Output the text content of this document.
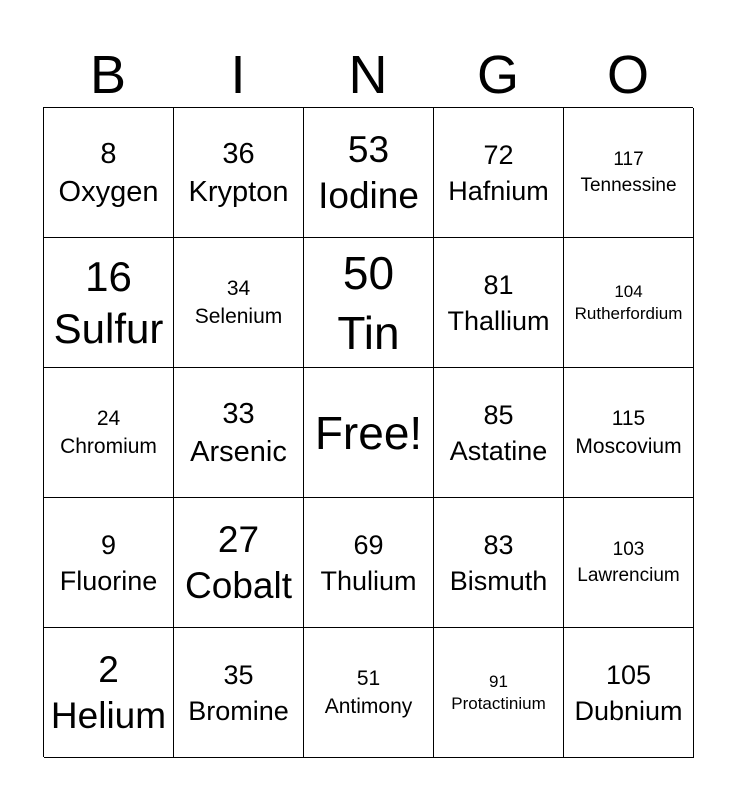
B	I	N	G	O
8
Oxygen
36
Krypton
53
Iodine
72
Hafnium
117
Tennessine
16
Sulfur
34
Selenium
50
Tin
81
Thallium
104
Rutherfordium
24
Chromium
33
Arsenic Free! 85
Astatine
115
Moscovium
9
Fluorine
27
Cobalt
69
Thulium
83
Bismuth
103
Lawrencium
2
Helium
35
Bromine
51
Antimony
91
Protactinium
105
Dubnium
